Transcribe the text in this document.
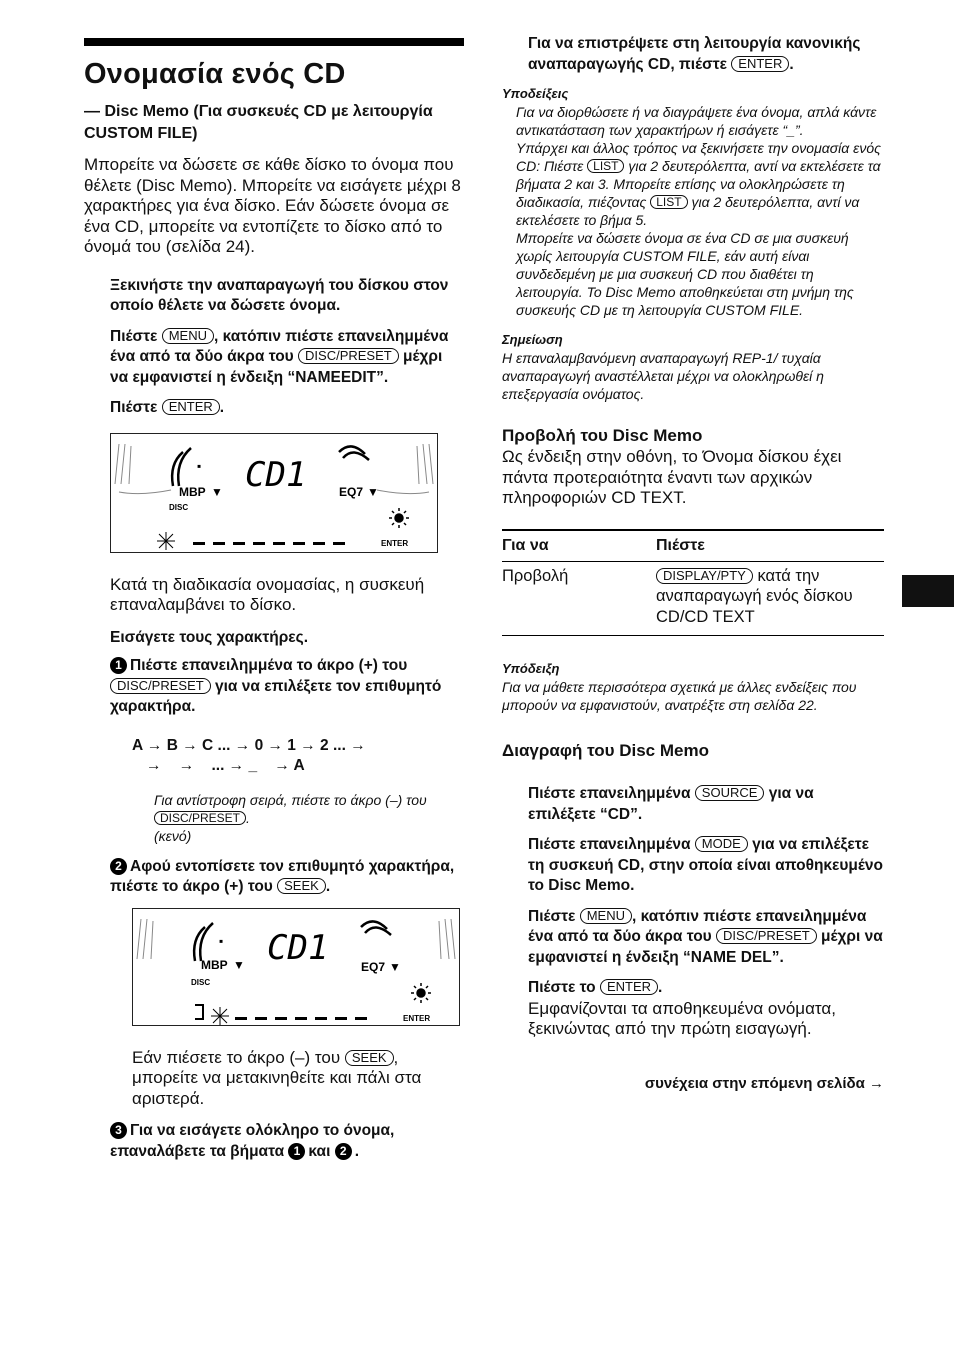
Ονομασία ενός CD

— Disc Memo (Για συσκευές CD με λειτουργία CUSTOM FILE)

Μπορείτε να δώσετε σε κάθε δίσκο το όνομα που θέλετε (Disc Memo). Μπορείτε να εισάγετε μέχρι 8 χαρακτήρες για ένα δίσκο. Εάν δώσετε όνομα σε ένα CD, μπορείτε να εντοπίζετε το δίσκο από το όνομά του (σελίδα 24).

Ξεκινήστε την αναπαραγωγή του δίσκου στον οποίο θέλετε να δώσετε όνομα.

Πιέστε MENU , κατόπιν πιέστε επανειλημμένα ένα από τα δύο άκρα του DISC/PRESET μέχρι να εμφανιστεί η ένδειξη “NAMEEDIT”.

Πιέστε ENTER .

▪ CD1
MBP ▼	EQ7 ▼
DISC
ENTER

Κατά τη διαδικασία ονομασίας, η συσκευή επαναλαμβάνει το δίσκο.

Εισάγετε τους χαρακτήρες.

1 Πιέστε επανειλημμένα το άκρο (+) του DISC/PRESET για να επιλέξετε τον επιθυμητό χαρακτήρα.

A → B → C ... → 0 → 1 → 2 ... →

→    →    ... → _    → A

Για αντίστροφη σειρά, πιέστε το άκρο (–) του DISC/PRESET .
(κενό)

2 Αφού εντοπίσετε τον επιθυμητό χαρακτήρα, πιέστε το άκρο (+) του SEEK .

▪ CD1
MBP ▼	EQ7 ▼
DISC
ENTER

Εάν πιέσετε το άκρο (–) του SEEK , μπορείτε να μετακινηθείτε και πάλι στα αριστερά.

3 Για να εισάγετε ολόκληρο το όνομα, επαναλάβετε τα βήματα 1 και 2 .

Για να επιστρέψετε στη λειτουργία κανονικής αναπαραγωγής CD, πιέστε ENTER .

Υποδείξεις

Για να διορθώσετε ή να διαγράψετε ένα όνομα, απλά κάντε αντικατάσταση των χαρακτήρων ή εισάγετε “_”.

Υπάρχει και άλλος τρόπος να ξεκινήσετε την ονομασία ενός CD: Πιέστε LIST για 2 δευτερόλεπτα, αντί να εκτελέσετε τα βήματα 2 και 3. Μπορείτε επίσης να ολοκληρώσετε τη διαδικασία, πιέζοντας LIST για 2 δευτερόλεπτα, αντί να εκτελέσετε το βήμα 5.

Μπορείτε να δώσετε όνομα σε ένα CD σε μια συσκευή χωρίς λειτουργία CUSTOM FILE, εάν αυτή είναι συνδεδεμένη με μια συσκευή CD που διαθέτει τη λειτουργία. Το Disc Memo αποθηκεύεται στη μνήμη της συσκευής CD με τη λειτουργία CUSTOM FILE.

Σημείωση

Η επαναλαμβανόμενη αναπαραγωγή REP-1/ τυχαία αναπαραγωγή αναστέλλεται μέχρι να ολοκληρωθεί η επεξεργασία ονόματος.

Προβολή του Disc Memo

Ως ένδειξη στην οθόνη, το Όνομα δίσκου έχει πάντα προτεραιότητα έναντι των αρχικών πληροφοριών CD TEXT.

Για να	Πιέστε
Προβολή	DISPLAY/PTY κατά την αναπαραγωγή ενός δίσκου CD/CD TEXT

Υπόδειξη

Για να μάθετε περισσότερα σχετικά με άλλες ενδείξεις που μπορούν να εμφανιστούν, ανατρέξτε στη σελίδα 22.

Διαγραφή του Disc Memo

Πιέστε επανειλημμένα SOURCE για να επιλέξετε “CD”.

Πιέστε επανειλημμένα MODE για να επιλέξετε τη συσκευή CD, στην οποία είναι αποθηκευμένο το Disc Memo.

Πιέστε MENU , κατόπιν πιέστε επανειλημμένα ένα από τα δύο άκρα του DISC/PRESET μέχρι να εμφανιστεί η ένδειξη “NAME DEL”.

Πιέστε το ENTER .

Εμφανίζονται τα αποθηκευμένα ονόματα, ξεκινώντας από την πρώτη εισαγωγή.

συνέχεια στην επόμενη σελίδα →
